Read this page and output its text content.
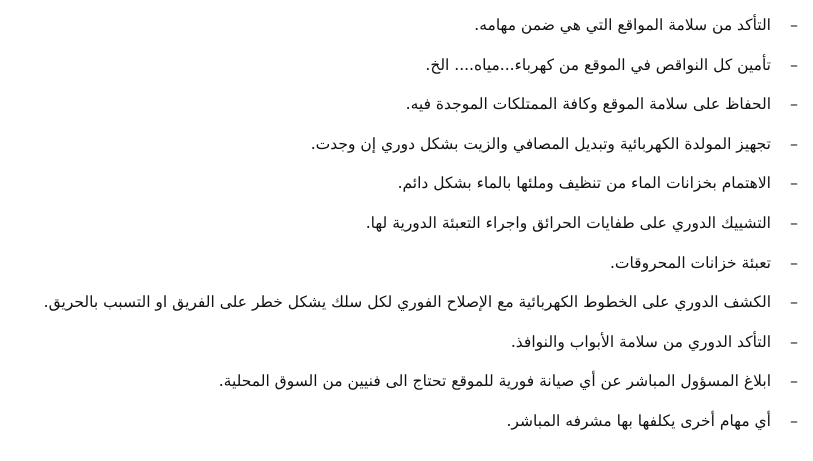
–
التأكد من سلامة المواقع التي هي ضمن مهامه.
–
تأمين كل النواقص في الموقع من كهرباء...مياه.... الخ.
–
الحفاظ على سلامة الموقع وكافة الممتلكات الموجدة فيه.
–
تجهيز المولدة الكهربائية وتبديل المصافي والزيت بشكل دوري إن وجدت.
–
الاهتمام بخزانات الماء من تنظيف وملئها بالماء بشكل دائم.
–
التشييك الدوري على طفايات الحرائق واجراء التعبئة الدورية لها.
–
تعبئة خزانات المحروقات.
–
الكشف الدوري على الخطوط الكهربائية مع الإصلاح الفوري لكل سلك يشكل خطر على الفريق او التسبب بالحريق.
–
التأكد الدوري من سلامة الأبواب والنوافذ.
–
ابلاغ المسؤول المباشر عن أي صيانة فورية للموقع تحتاج الى فنيين من السوق المحلية.
–
أي مهام أخرى يكلفها بها مشرفه المباشر.
